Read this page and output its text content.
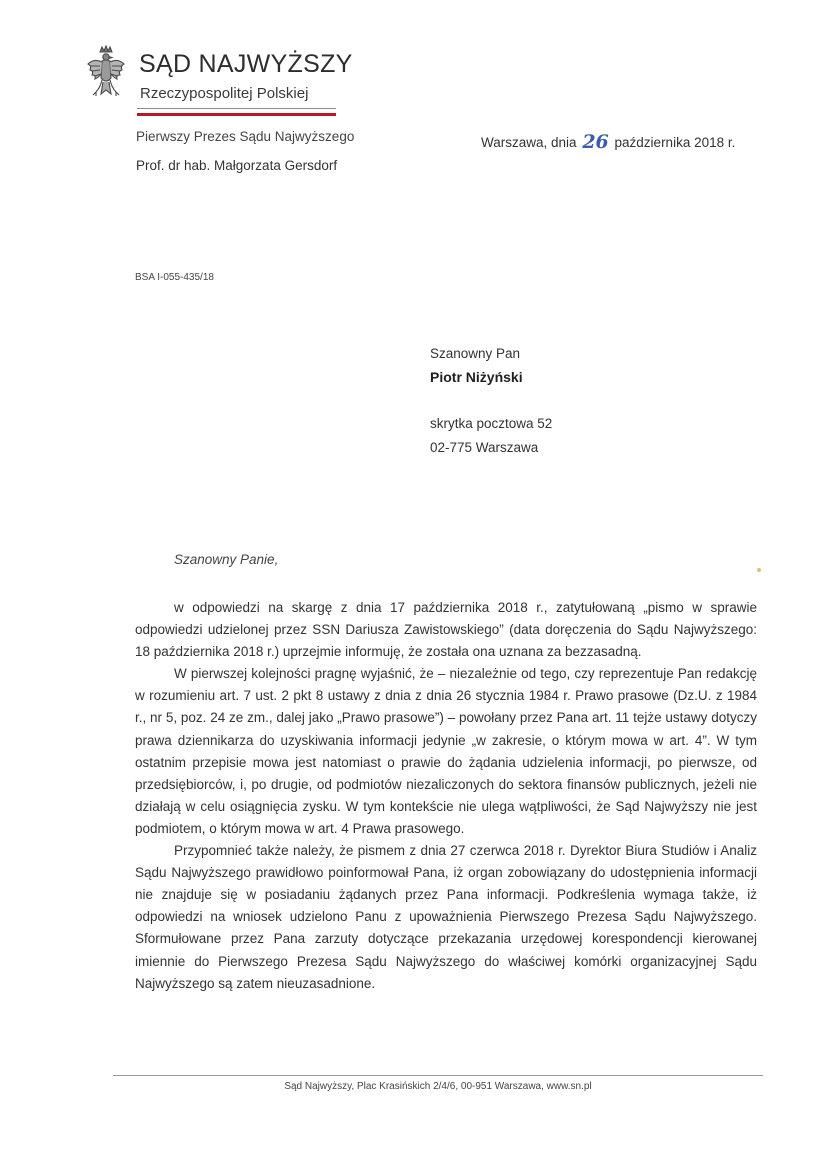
SĄD NAJWYŻSZY
Rzeczypospolitej Polskiej
Pierwszy Prezes Sądu Najwyższego
Prof. dr hab. Małgorzata Gersdorf
Warszawa, dnia 26 października 2018 r.
BSA I-055-435/18
Szanowny Pan
Piotr Niżyński
skrytka pocztowa 52
02-775 Warszawa
Szanowny Panie,

w odpowiedzi na skargę z dnia 17 października 2018 r., zatytułowaną „pismo w sprawie odpowiedzi udzielonej przez SSN Dariusza Zawistowskiego” (data doręczenia do Sądu Najwyższego: 18 października 2018 r.) uprzejmie informuję, że została ona uznana za bezzasadną.

W pierwszej kolejności pragnę wyjaśnić, że – niezależnie od tego, czy reprezentuje Pan redakcję w rozumieniu art. 7 ust. 2 pkt 8 ustawy z dnia z dnia 26 stycznia 1984 r. Prawo prasowe (Dz.U. z 1984 r., nr 5, poz. 24 ze zm., dalej jako „Prawo prasowe”) – powołany przez Pana art. 11 tejże ustawy dotyczy prawa dziennikarza do uzyskiwania informacji jedynie „w zakresie, o którym mowa w art. 4”. W tym ostatnim przepisie mowa jest natomiast o prawie do żądania udzielenia informacji, po pierwsze, od przedsiębiorców, i, po drugie, od podmiotów niezaliczonych do sektora finansów publicznych, jeżeli nie działają w celu osiągnięcia zysku. W tym kontekście nie ulega wątpliwości, że Sąd Najwyższy nie jest podmiotem, o którym mowa w art. 4 Prawa prasowego.

Przypomnieć także należy, że pismem z dnia 27 czerwca 2018 r. Dyrektor Biura Studiów i Analiz Sądu Najwyższego prawidłowo poinformował Pana, iż organ zobowiązany do udostępnienia informacji nie znajduje się w posiadaniu żądanych przez Pana informacji. Podkreślenia wymaga także, iż odpowiedzi na wniosek udzielono Panu z upoważnienia Pierwszego Prezesa Sądu Najwyższego. Sformułowane przez Pana zarzuty dotyczące przekazania urzędowej korespondencji kierowanej imiennie do Pierwszego Prezesa Sądu Najwyższego do właściwej komórki organizacyjnej Sądu Najwyższego są zatem nieuzasadnione.

Sąd Najwyższy, Plac Krasińskich 2/4/6, 00-951 Warszawa, www.sn.pl
